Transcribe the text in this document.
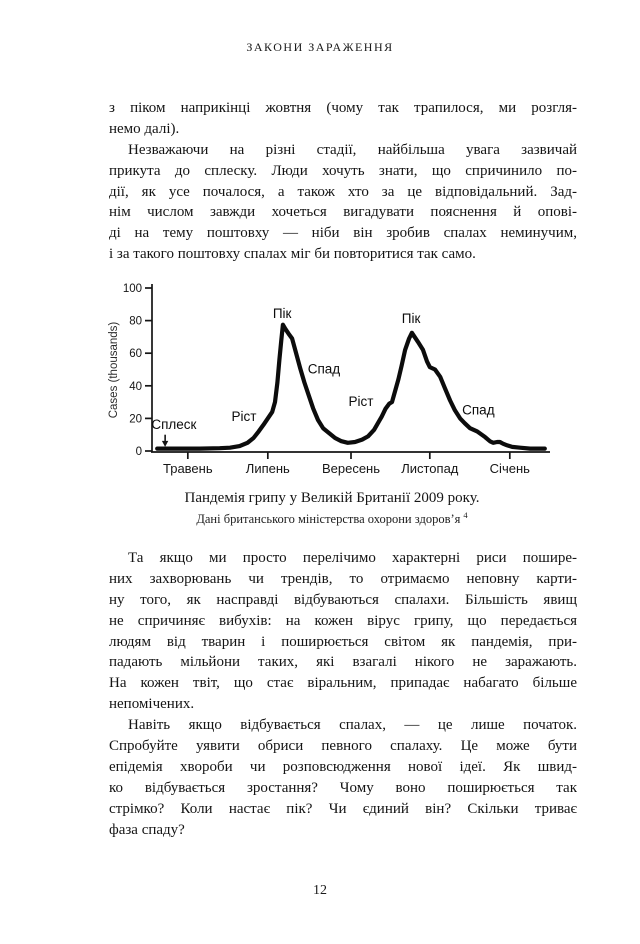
ЗАКОНИ ЗАРАЖЕННЯ
з піком наприкінці жовтня (чому так трапилося, ми розгля-
немо далі).
Незважаючи на різні стадії, найбільша увага зазвичай
прикута до сплеску. Люди хочуть знати, що спричинило по-
дії, як усе почалося, а також хто за це відповідальний. Зад-
нім числом завжди хочеться вигадувати пояснення й опові-
ді на тему поштовху — ніби він зробив спалах неминучим,
і за такого поштовху спалах міг би повторитися так само.
0
20
40
60
80
100
Травень	Липень Вересень Листопад Січень
Cases (thousands)
Сплеск
Ріст
Пік
Спад
Ріст
Пік
Спад
Пандемія грипу у Великій Британії 2009 року.
Дані британського міністерства охорони здоров’я $^4$
Та якщо ми просто перелічимо характерні риси пошире-
них захворювань чи трендів, то отримаємо неповну карти-
ну того, як насправді відбуваються спалахи. Більшість явищ
не спричиняє вибухів: на кожен вірус грипу, що передається
людям від тварин і поширюється світом як пандемія, при-
падають мільйони таких, які взагалі нікого не заражають.
На кожен твіт, що стає віральним, припадає набагато більше
непомічених.
Навіть якщо відбувається спалах, — це лише початок.
Спробуйте уявити обриси певного спалаху. Це може бути
епідемія хвороби чи розповсюдження нової ідеї. Як швид-
ко відбувається зростання? Чому воно поширюється так
стрімко? Коли настає пік? Чи єдиний він? Скільки триває
фаза спаду?
12
